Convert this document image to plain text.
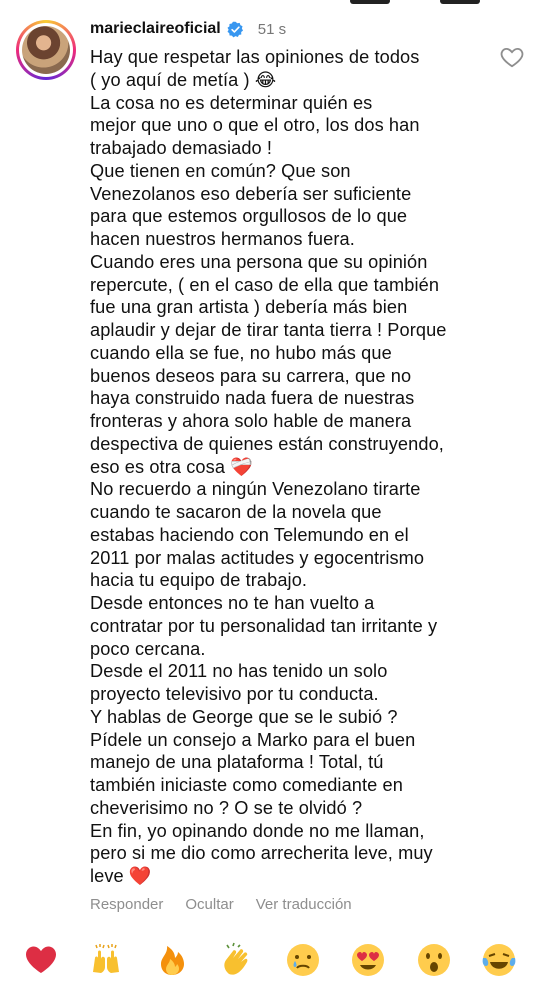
marieclaireoficial 51 s
Hay que respetar las opiniones de todos
( yo aquí de metía ) 😂
La cosa no es determinar quién es
mejor que uno o que el otro, los dos han
trabajado demasiado !
Que tienen en común? Que son
Venezolanos eso debería ser suficiente
para que estemos orgullosos de lo que
hacen nuestros hermanos fuera.
Cuando eres una persona que su opinión
repercute, ( en el caso de ella que también
fue una gran artista ) debería más bien
aplaudir y dejar de tirar tanta tierra ! Porque
cuando ella se fue, no hubo más que
buenos deseos para su carrera, que no
haya construido nada fuera de nuestras
fronteras y ahora solo hable de manera
despectiva de quienes están construyendo,
eso es otra cosa ❤️‍🩹
No recuerdo a ningún Venezolano tirarte
cuando te sacaron de la novela que
estabas haciendo con Telemundo en el
2011 por malas actitudes y egocentrismo
hacia tu equipo de trabajo.
Desde entonces no te han vuelto a
contratar por tu personalidad tan irritante y
poco cercana.
Desde el 2011 no has tenido un solo
proyecto televisivo por tu conducta.
Y hablas de George que se le subió ?
Pídele un consejo a Marko para el buen
manejo de una plataforma ! Total, tú
también iniciaste como comediante en
cheverisimo no ? O se te olvidó ?
En fin, yo opinando donde no me llaman,
pero si me dio como arrecherita leve, muy
leve ❤️
Responder Ocultar Ver traducción
